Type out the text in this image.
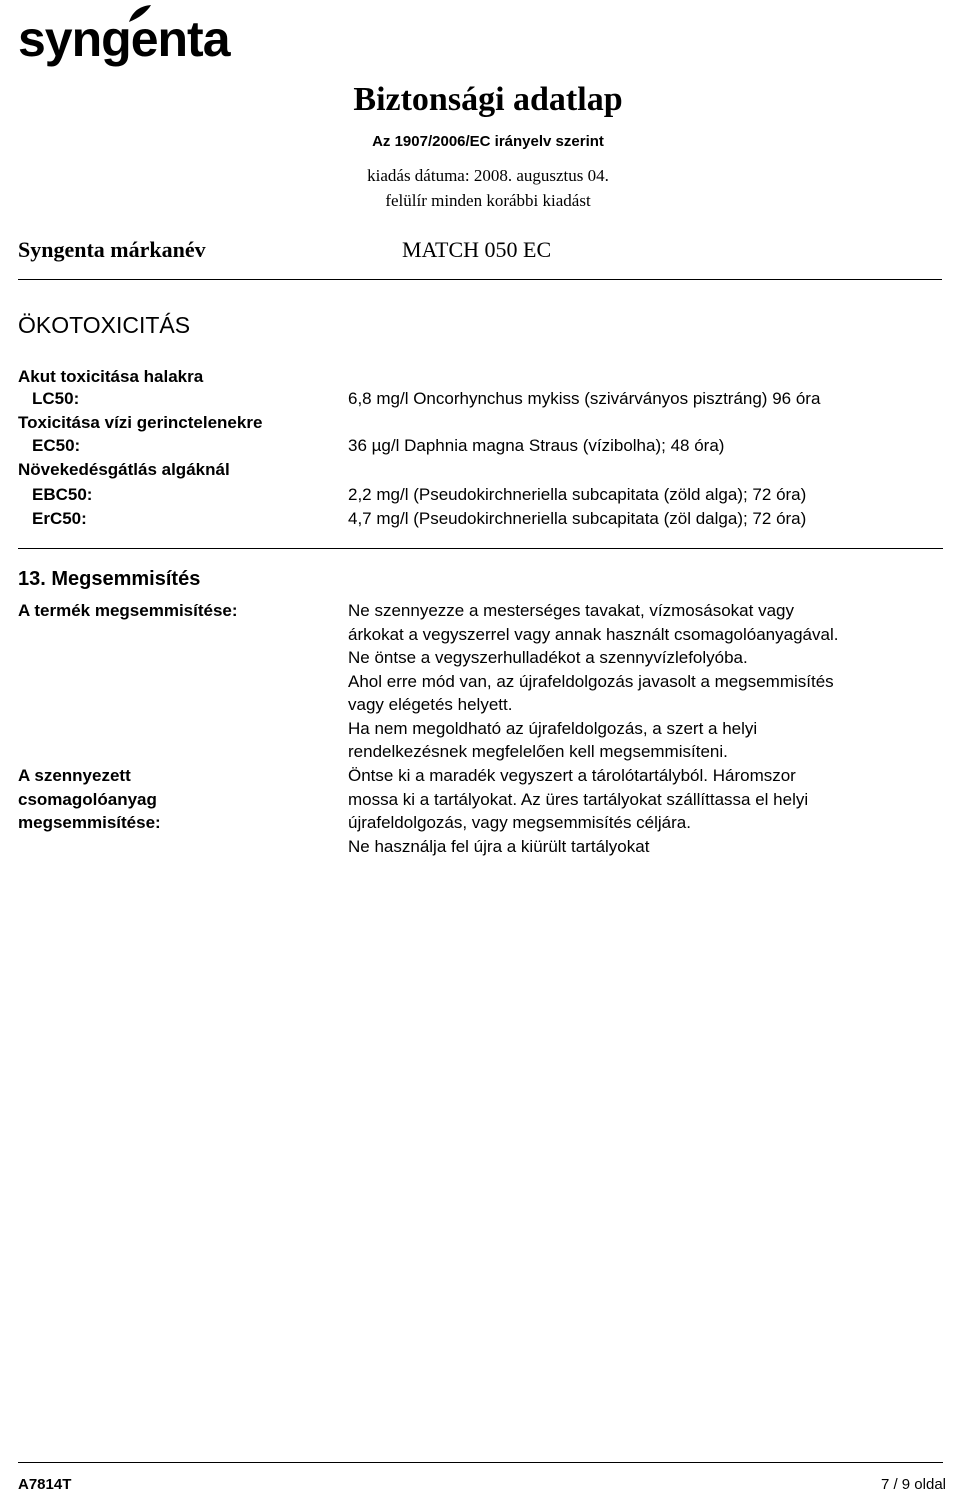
syngenta
Biztonsági adatlap
Az 1907/2006/EC irányelv szerint
kiadás dátuma: 2008. augusztus 04.
felülír minden korábbi kiadást
Syngenta márkanév	MATCH 050 EC
ÖKOTOXICITÁS
Akut toxicitása halakra
LC50:	6,8 mg/l Oncorhynchus mykiss (szivárványos pisztráng) 96 óra
Toxicitása vízi gerinctelenekre
EC50:	36 µg/l Daphnia magna Straus (vízibolha); 48 óra)
Növekedésgátlás algáknál
EBC50:	2,2 mg/l (Pseudokirchneriella subcapitata (zöld alga); 72 óra)
ErC50:	4,7 mg/l (Pseudokirchneriella subcapitata (zöl dalga); 72 óra)
13. Megsemmisítés
A termék megsemmisítése:	Ne szennyezze a mesterséges tavakat, vízmosásokat vagy
árkokat a vegyszerrel vagy annak használt csomagolóanyagával.
Ne öntse a vegyszerhulladékot a szennyvízlefolyóba.
Ahol erre mód van, az újrafeldolgozás javasolt a megsemmisítés
vagy elégetés helyett.
Ha nem megoldható az újrafeldolgozás, a szert a helyi
rendelkezésnek megfelelően kell megsemmisíteni.
A szennyezett
csomagolóanyag
megsemmisítése:
Öntse ki a maradék vegyszert a tárolótartályból. Háromszor
mossa ki a tartályokat. Az üres tartályokat szállíttassa el helyi
újrafeldolgozás, vagy megsemmisítés céljára.
Ne használja fel újra a kiürült tartályokat
A7814T	7 / 9 oldal
